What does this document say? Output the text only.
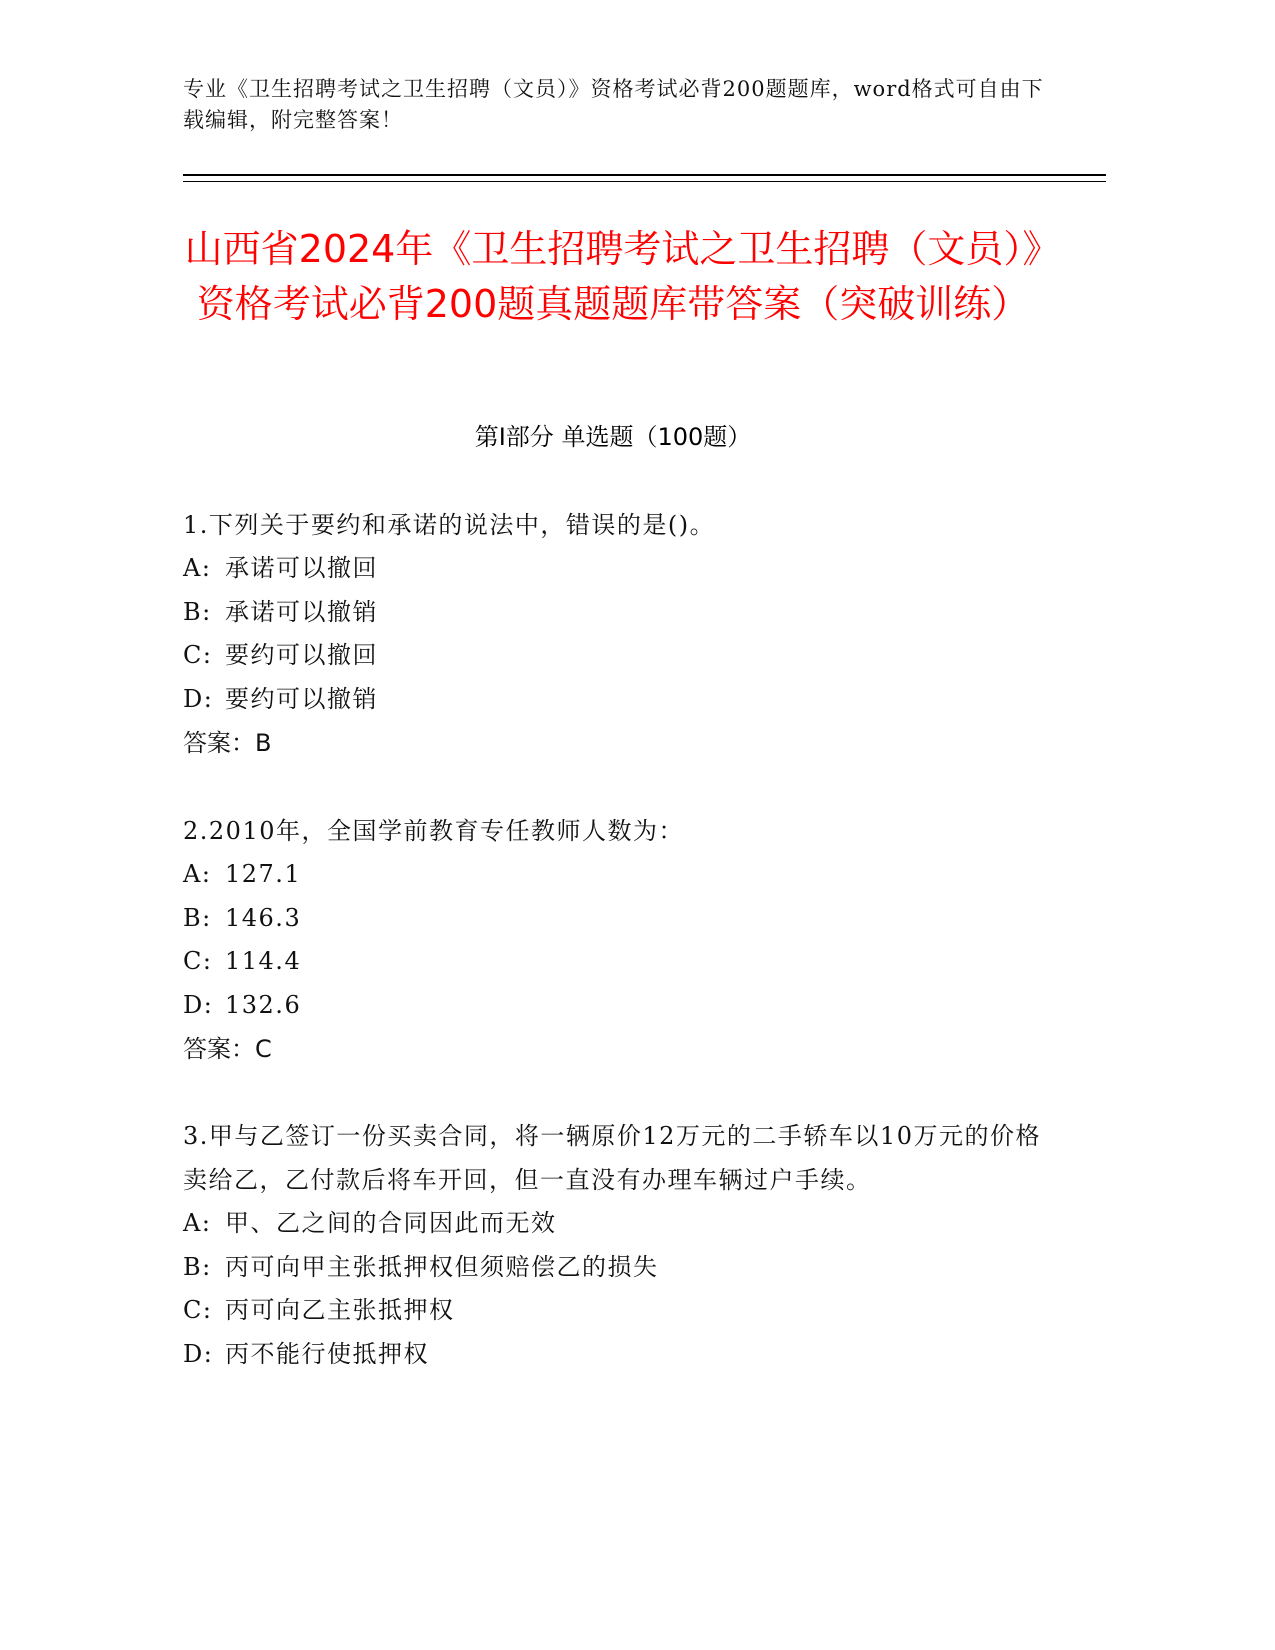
专业《卫生招聘考试之卫生招聘（文员）》资格考试必背200题题库，word格式可自由下载编辑，附完整答案！
山西省2024年《卫生招聘考试之卫生招聘（文员）》资格考试必背200题真题题库带答案（突破训练）
第I部分 单选题（100题）

1.下列关于要约和承诺的说法中，错误的是()。

A: 承诺可以撤回

B: 承诺可以撤销

C: 要约可以撤回

D: 要约可以撤销

答案：B

2.2010年，全国学前教育专任教师人数为：

A: 127.1

B: 146.3

C: 114.4

D: 132.6

答案：C

3.甲与乙签订一份买卖合同，将一辆原价12万元的二手轿车以10万元的价格卖给乙，乙付款后将车开回，但一直没有办理车辆过户手续。

A: 甲、乙之间的合同因此而无效

B: 丙可向甲主张抵押权但须赔偿乙的损失

C: 丙可向乙主张抵押权

D: 丙不能行使抵押权
